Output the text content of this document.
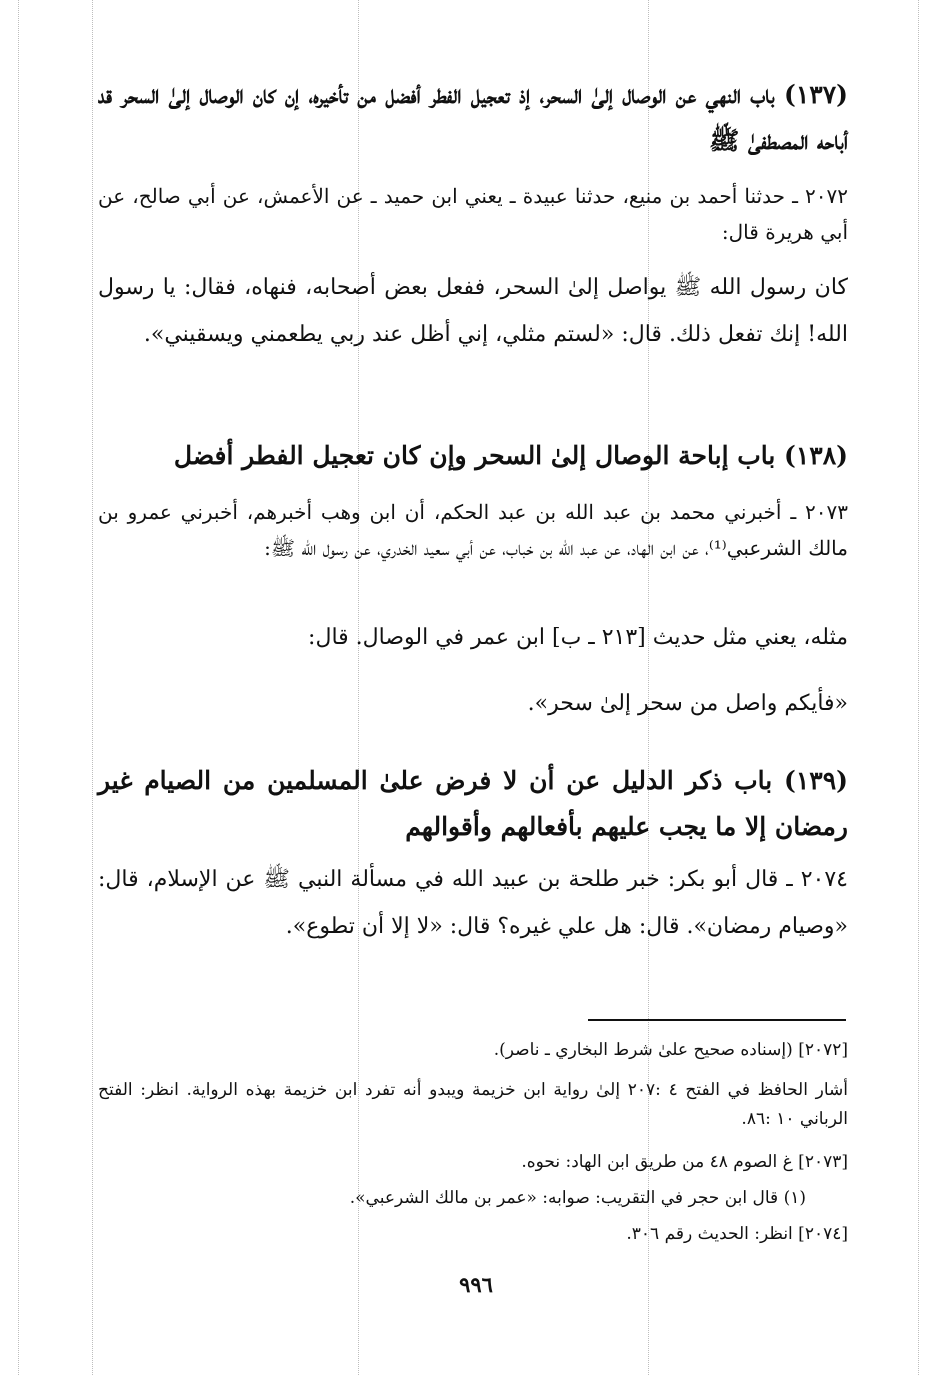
(١٣٧) باب النهي عن الوصال إلىٰ السحر، إذ تعجيل الفطر أفضل من تأخيره، إن كان الوصال إلىٰ السحر قد أباحه المصطفىٰ ﷺ

٢٠٧٢ ـ حدثنا أحمد بن منيع، حدثنا عبيدة ـ يعني ابن حميد ـ عن الأعمش، عن أبي صالح، عن أبي هريرة قال:

كان رسول الله ﷺ يواصل إلىٰ السحر، ففعل بعض أصحابه، فنهاه، فقال: يا رسول الله! إنك تفعل ذلك. قال: «لستم مثلي، إني أظل عند ربي يطعمني ويسقيني».

(١٣٨) باب إباحة الوصال إلىٰ السحر وإن كان تعجيل الفطر أفضل

٢٠٧٣ ـ أخبرني محمد بن عبد الله بن عبد الحكم، أن ابن وهب أخبرهم، أخبرني عمرو بن مالك الشرعبي⁽¹⁾، عن ابن الهاد، عن عبد الله بن خباب، عن أبي سعيد الخدري، عن رسول الله ﷺ:

مثله، يعني مثل حديث [٢١٣ ـ ب] ابن عمر في الوصال. قال:

«فأيكم واصل من سحر إلىٰ سحر».

(١٣٩) باب ذكر الدليل عن أن لا فرض علىٰ المسلمين من الصيام غير رمضان إلا ما يجب عليهم بأفعالهم وأقوالهم

٢٠٧٤ ـ قال أبو بكر: خبر طلحة بن عبيد الله في مسألة النبي ﷺ عن الإسلام، قال: «وصيام رمضان». قال: هل علي غيره؟ قال: «لا إلا أن تطوع».

[٢٠٧٢] (إسناده صحيح علىٰ شرط البخاري ـ ناصر).

أشار الحافظ في الفتح ٤ :٢٠٧ إلىٰ رواية ابن خزيمة ويبدو أنه تفرد ابن خزيمة بهذه الرواية. انظر: الفتح الرباني ١٠ :٨٦.

[٢٠٧٣] غ الصوم ٤٨ من طريق ابن الهاد: نحوه.

(١) قال ابن حجر في التقريب: صوابه: «عمر بن مالك الشرعبي».

[٢٠٧٤] انظر: الحديث رقم ٣٠٦.

٩٩٦
